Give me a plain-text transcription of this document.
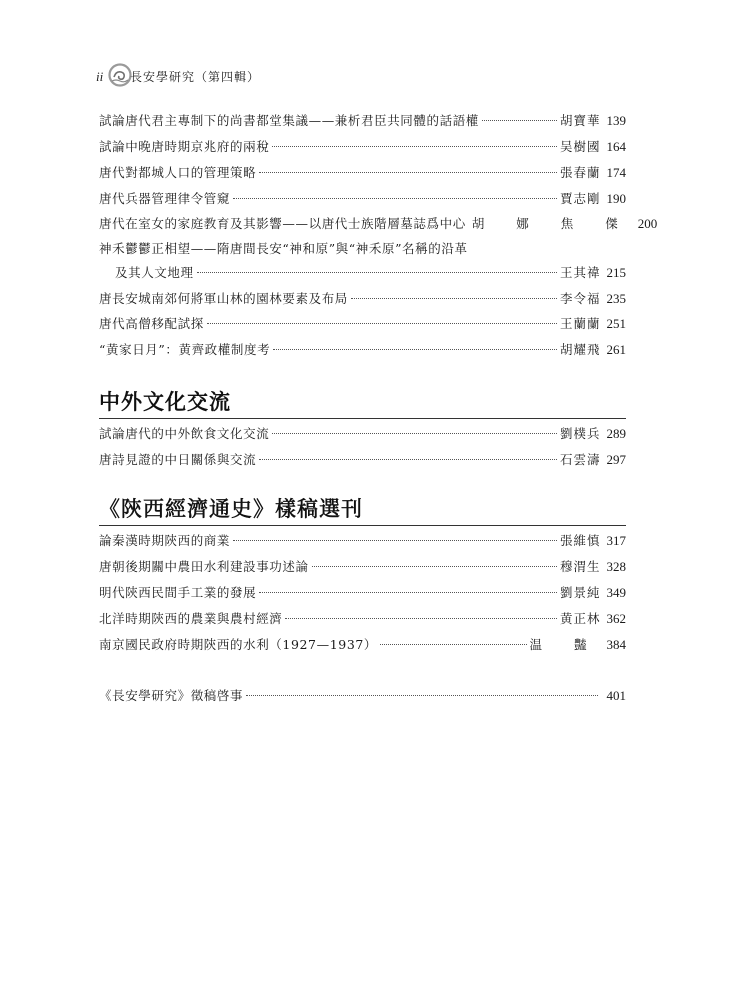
ii 長安學研究（第四輯）
試論唐代君主專制下的尚書都堂集議——兼析君臣共同體的話語權	胡寶華 139
試論中晚唐時期京兆府的兩稅	吴樹國 164
唐代對都城人口的管理策略	張春蘭 174
唐代兵器管理律令管窺	賈志剛 190
唐代在室女的家庭教育及其影響——以唐代士族階層墓誌爲中心 胡 娜 焦 傑 200
神禾鬱鬱正相望——隋唐間長安“神和原”與“神禾原”名稱的沿革
及其人文地理	王其禕 215
唐長安城南郊何將軍山林的園林要素及布局	李令福 235
唐代高僧移配試探	王蘭蘭 251
“黄家日月”：黄齊政權制度考	胡耀飛 261
試論唐代的中外飲食文化交流	劉樸兵 289
唐詩見證的中日關係與交流	石雲濤 297
論秦漢時期陝西的商業	張維慎 317
唐朝後期關中農田水利建設事功述論	穆渭生 328
明代陝西民間手工業的發展	劉景純 349
北洋時期陝西的農業與農村經濟	黄正林 362
南京國民政府時期陝西的水利（1927—1937）	温 豔 384
《長安學研究》徵稿啓事	401
中外文化交流
《陝西經濟通史》樣稿選刊
